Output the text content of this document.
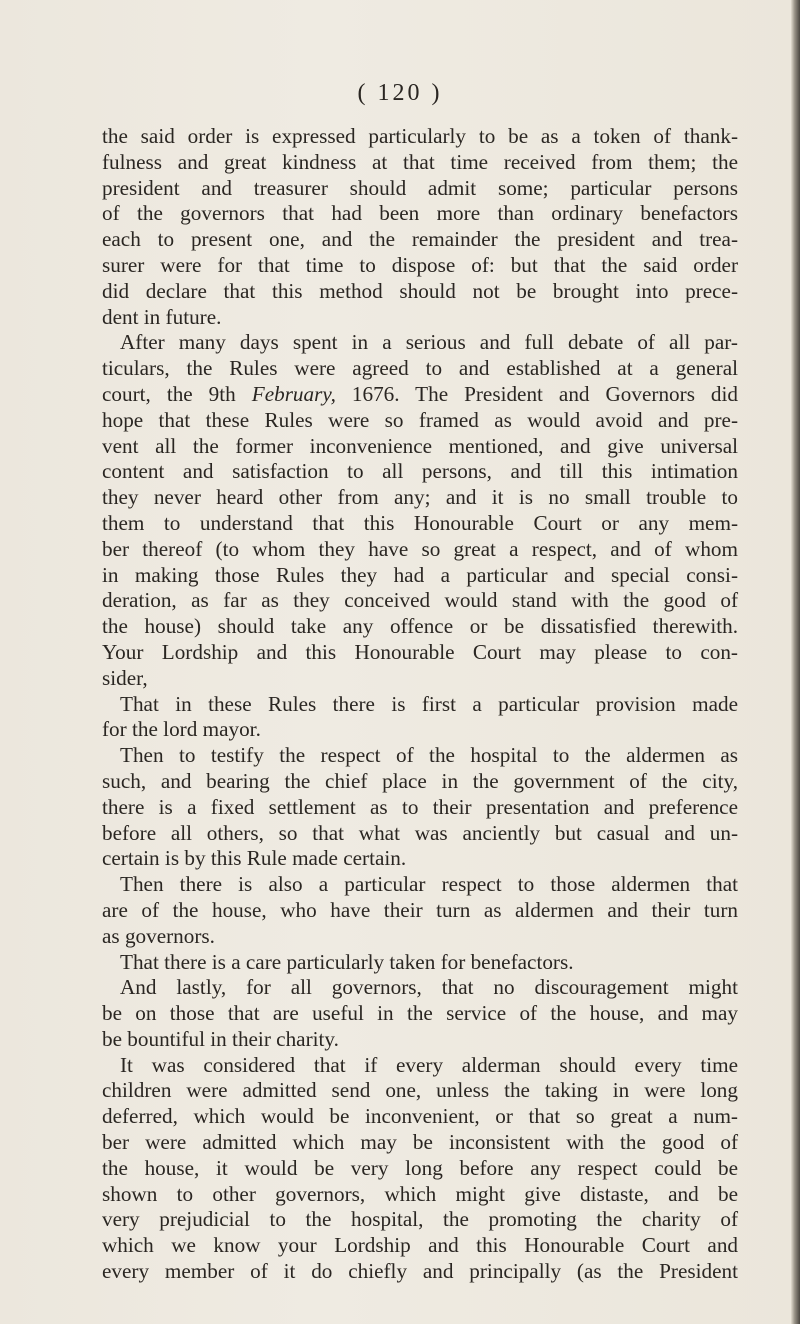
( 120 )
the said order is expressed particularly to be as a token of thank-
fulness and great kindness at that time received from them; the
president and treasurer should admit some; particular persons
of the governors that had been more than ordinary benefactors
each to present one, and the remainder the president and trea-
surer were for that time to dispose of: but that the said order
did declare that this method should not be brought into prece-
dent in future.
After many days spent in a serious and full debate of all par-
ticulars, the Rules were agreed to and established at a general
court, the 9th February, 1676. The President and Governors did
hope that these Rules were so framed as would avoid and pre-
vent all the former inconvenience mentioned, and give universal
content and satisfaction to all persons, and till this intimation
they never heard other from any; and it is no small trouble to
them to understand that this Honourable Court or any mem-
ber thereof (to whom they have so great a respect, and of whom
in making those Rules they had a particular and special consi-
deration, as far as they conceived would stand with the good of
the house) should take any offence or be dissatisfied therewith.
Your Lordship and this Honourable Court may please to con-
sider,
That in these Rules there is first a particular provision made
for the lord mayor.
Then to testify the respect of the hospital to the aldermen as
such, and bearing the chief place in the government of the city,
there is a fixed settlement as to their presentation and preference
before all others, so that what was anciently but casual and un-
certain is by this Rule made certain.
Then there is also a particular respect to those aldermen that
are of the house, who have their turn as aldermen and their turn
as governors.
That there is a care particularly taken for benefactors.
And lastly, for all governors, that no discouragement might
be on those that are useful in the service of the house, and may
be bountiful in their charity.
It was considered that if every alderman should every time
children were admitted send one, unless the taking in were long
deferred, which would be inconvenient, or that so great a num-
ber were admitted which may be inconsistent with the good of
the house, it would be very long before any respect could be
shown to other governors, which might give distaste, and be
very prejudicial to the hospital, the promoting the charity of
which we know your Lordship and this Honourable Court and
every member of it do chiefly and principally (as the President
